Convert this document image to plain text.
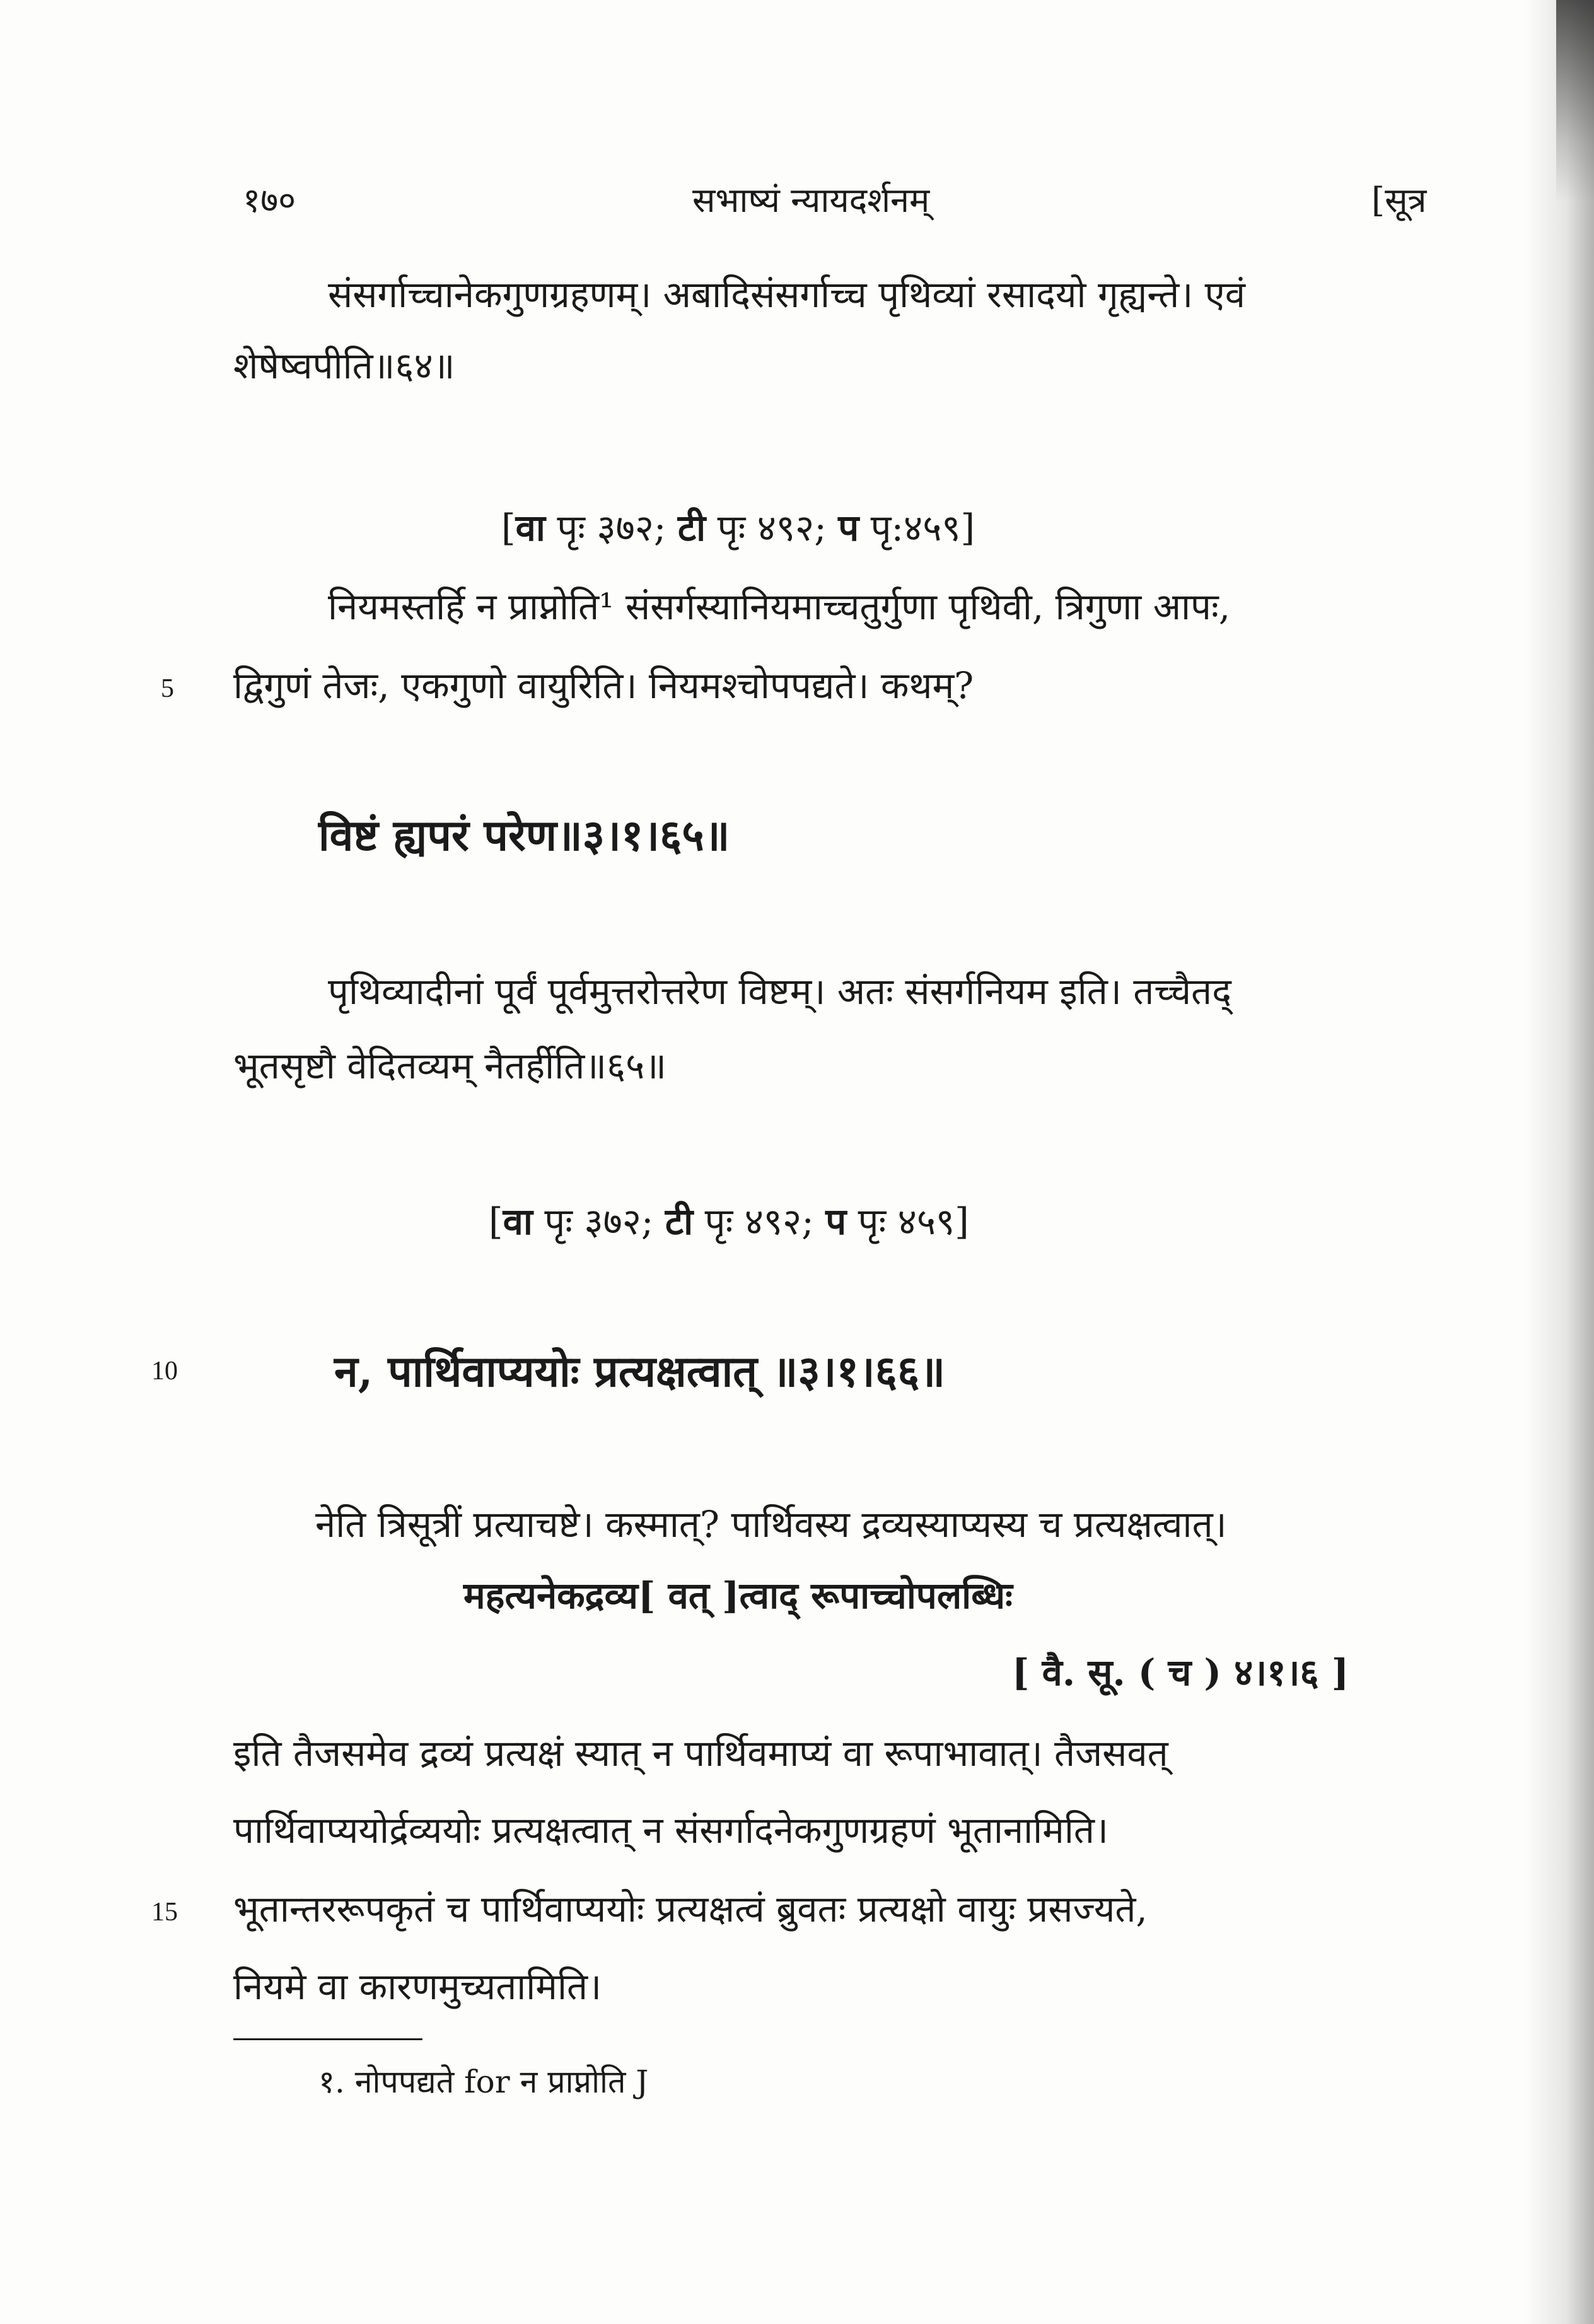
१७०	सभाष्यं न्यायदर्शनम्	[सूत्र
संसर्गाच्चानेकगुणग्रहणम्। अबादिसंसर्गाच्च पृथिव्यां रसादयो गृह्यन्ते। एवं
शेषेष्वपीति॥६४॥
[वा पृः ३७२; टी पृः ४९२; प पृ:४५९]
नियमस्तर्हि न प्राप्नोति¹ संसर्गस्यानियमाच्चतुर्गुणा पृथिवी, त्रिगुणा आपः,
5 द्विगुणं तेजः, एकगुणो वायुरिति। नियमश्चोपपद्यते। कथम्?
विष्टं ह्यपरं परेण॥३।१।६५॥
पृथिव्यादीनां पूर्वं पूर्वमुत्तरोत्तरेण विष्टम्। अतः संसर्गनियम इति। तच्चैतद्
भूतसृष्टौ वेदितव्यम् नैतर्हीति॥६५॥
[वा पृः ३७२; टी पृः ४९२; प पृः ४५९]
10	न, पार्थिवाप्ययोः प्रत्यक्षत्वात् ॥३।१।६६॥
नेति त्रिसूत्रीं प्रत्याचष्टे। कस्मात्? पार्थिवस्य द्रव्यस्याप्यस्य च प्रत्यक्षत्वात्।
महत्यनेकद्रव्य[ वत् ]त्वाद् रूपाच्चोपलब्धिः
[ वै. सू. ( च ) ४।१।६ ]
इति तैजसमेव द्रव्यं प्रत्यक्षं स्यात् न पार्थिवमाप्यं वा रूपाभावात्। तैजसवत्
पार्थिवाप्ययोर्द्रव्ययोः प्रत्यक्षत्वात् न संसर्गादनेकगुणग्रहणं भूतानामिति।
15 भूतान्तररूपकृतं च पार्थिवाप्ययोः प्रत्यक्षत्वं ब्रुवतः प्रत्यक्षो वायुः प्रसज्यते,
नियमे वा कारणमुच्यतामिति।
१. नोपपद्यते for न प्राप्नोति J
